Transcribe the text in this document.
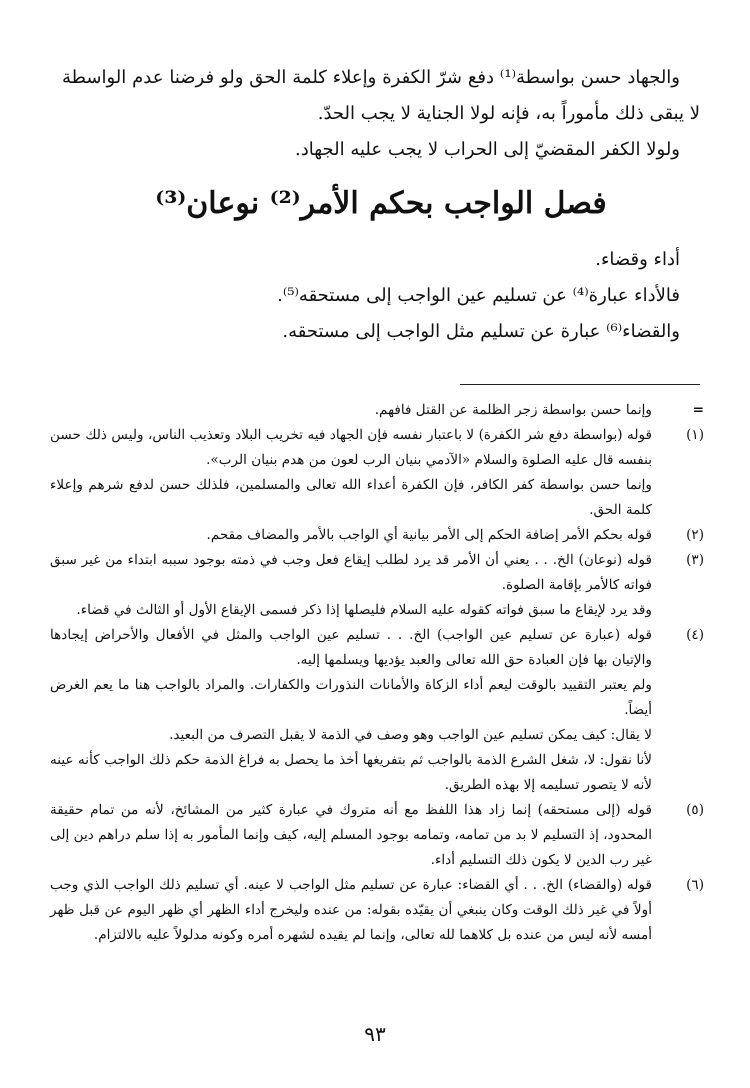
والجهاد حسن بواسطة⁽¹⁾ دفع شرّ الكفرة وإعلاء كلمة الحق ولو فرضنا عدم الواسطة لا يبقى ذلك مأموراً به، فإنه لولا الجناية لا يجب الحدّ.

ولولا الكفر المقضيّ إلى الحراب لا يجب عليه الجهاد.

فصل الواجب بحكم الأمر⁽²⁾ نوعان⁽³⁾

أداء وقضاء.

فالأداء عبارة⁽⁴⁾ عن تسليم عين الواجب إلى مستحقه⁽⁵⁾.

والقضاء⁽⁶⁾ عبارة عن تسليم مثل الواجب إلى مستحقه.

=

وإنما حسن بواسطة زجر الظلمة عن القتل فافهم.

(١)

قوله (بواسطة دفع شر الكفرة) لا باعتبار نفسه فإن الجهاد فيه تخريب البلاد وتعذيب الناس، وليس ذلك حسن بنفسه قال عليه الصلوة والسلام «الآدمي بنيان الرب لعون من هدم بنيان الرب».

وإنما حسن بواسطة كفر الكافر، فإن الكفرة أعداء الله تعالى والمسلمين، فلذلك حسن لدفع شرهم وإعلاء كلمة الحق.

(٢)

قوله بحكم الأمر إضافة الحكم إلى الأمر بيانية أي الواجب بالأمر والمضاف مقحم.

(٣)

قوله (نوعان) الخ. . . يعني أن الأمر قد يرد لطلب إيقاع فعل وجب في ذمته بوجود سببه ابتداء من غير سبق فواته كالأمر بإقامة الصلوة.

وقد يرد لإيقاع ما سبق فواته كقوله عليه السلام فليصلها إذا ذكر فسمى الإيقاع الأول أو الثالث في قضاء.

(٤)

قوله (عبارة عن تسليم عين الواجب) الخ. . . تسليم عين الواجب والمثل في الأفعال والأحراض إيجادها والإتيان بها فإن العبادة حق الله تعالى والعبد يؤديها ويسلمها إليه.

ولم يعتبر التقييد بالوقت ليعم أداء الزكاة والأمانات النذورات والكفارات. والمراد بالواجب هنا ما يعم الغرض أيضاً.

لا يقال: كيف يمكن تسليم عين الواجب وهو وصف في الذمة لا يقبل التصرف من البعيد.

لأنا نقول: لا، شغل الشرع الذمة بالواجب ثم بتفريغها أخذ ما يحصل به فراغ الذمة حكم ذلك الواجب كأنه عينه لأنه لا يتصور تسليمه إلا بهذه الطريق.

(٥)

قوله (إلى مستحقه) إنما زاد هذا اللفظ مع أنه متروك في عبارة كثير من المشائخ، لأنه من تمام حقيقة المحدود، إذ التسليم لا بد من تمامه، وتمامه بوجود المسلم إليه، كيف وإنما المأمور به إذا سلم دراهم دين إلى غير رب الدين لا يكون ذلك التسليم أداء.

(٦)

قوله (والقضاء) الخ. . . أي القضاء: عبارة عن تسليم مثل الواجب لا عينه. أي تسليم ذلك الواجب الذي وجب أولاً في غير ذلك الوقت وكان ينبغي أن يقيّده بقوله: من عنده وليخرج أداء الظهر أي ظهر اليوم عن قبل ظهر أمسه لأنه ليس من عنده بل كلاهما لله تعالى، وإنما لم يقيده لشهره أمره وكونه مدلولاً عليه بالالتزام.

٩٣
